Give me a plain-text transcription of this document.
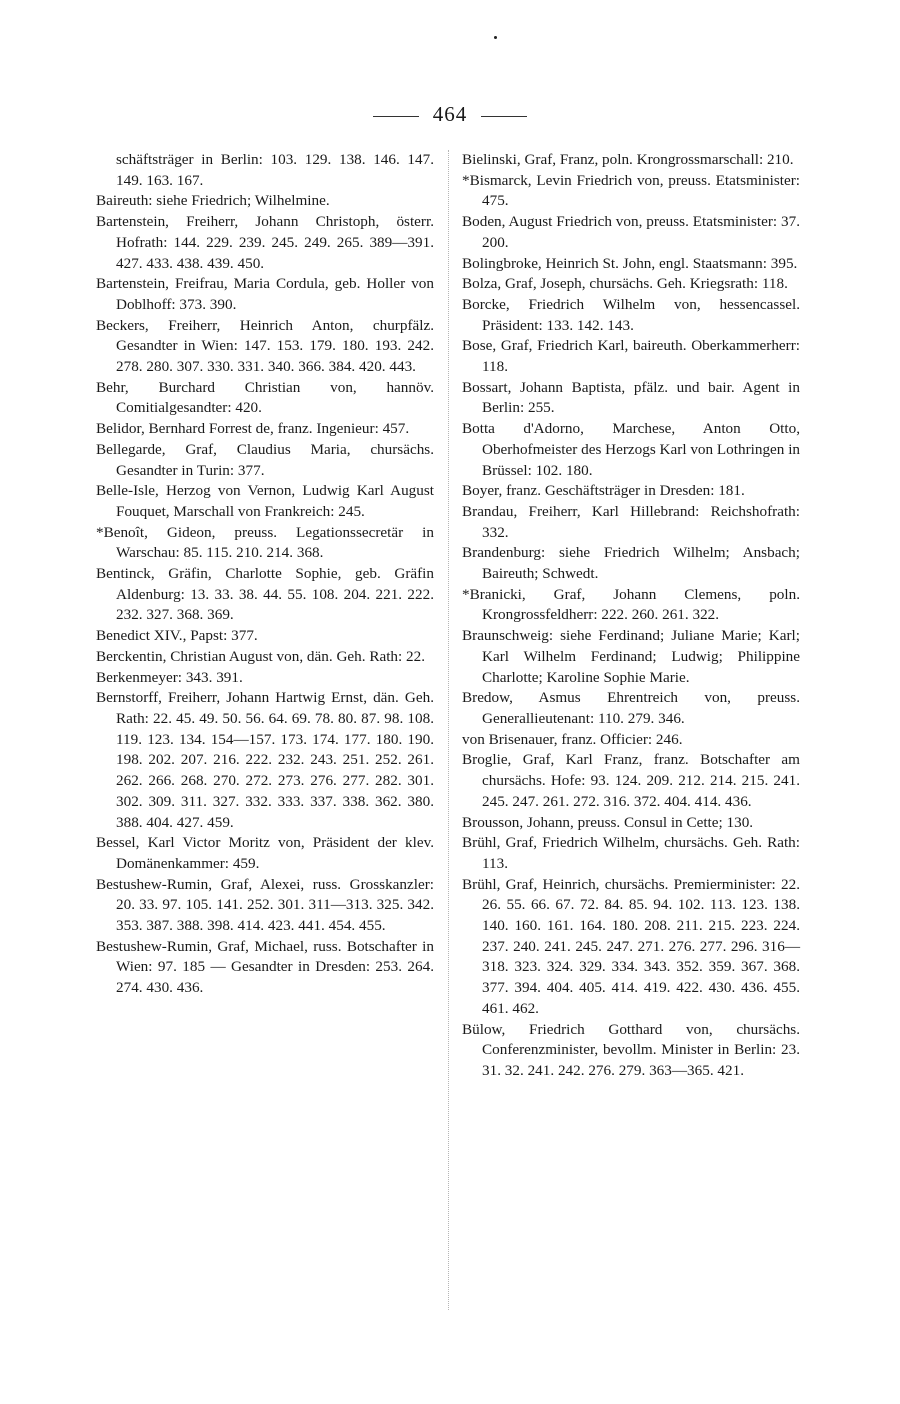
464

schäftsträger in Berlin: 103. 129. 138. 146. 147. 149. 163. 167.

Baireuth: siehe Friedrich; Wilhelmine.

Bartenstein, Freiherr, Johann Christoph, österr. Hofrath: 144. 229. 239. 245. 249. 265. 389—391. 427. 433. 438. 439. 450.

Bartenstein, Freifrau, Maria Cordula, geb. Holler von Doblhoff: 373. 390.

Beckers, Freiherr, Heinrich Anton, churpfälz. Gesandter in Wien: 147. 153. 179. 180. 193. 242. 278. 280. 307. 330. 331. 340. 366. 384. 420. 443.

Behr, Burchard Christian von, hannöv. Comitialgesandter: 420.

Belidor, Bernhard Forrest de, franz. Ingenieur: 457.

Bellegarde, Graf, Claudius Maria, chursächs. Gesandter in Turin: 377.

Belle-Isle, Herzog von Vernon, Ludwig Karl August Fouquet, Marschall von Frankreich: 245.

*Benoît, Gideon, preuss. Legationssecretär in Warschau: 85. 115. 210. 214. 368.

Bentinck, Gräfin, Charlotte Sophie, geb. Gräfin Aldenburg: 13. 33. 38. 44. 55. 108. 204. 221. 222. 232. 327. 368. 369.

Benedict XIV., Papst: 377.

Berckentin, Christian August von, dän. Geh. Rath: 22.

Berkenmeyer: 343. 391.

Bernstorff, Freiherr, Johann Hartwig Ernst, dän. Geh. Rath: 22. 45. 49. 50. 56. 64. 69. 78. 80. 87. 98. 108. 119. 123. 134. 154—157. 173. 174. 177. 180. 190. 198. 202. 207. 216. 222. 232. 243. 251. 252. 261. 262. 266. 268. 270. 272. 273. 276. 277. 282. 301. 302. 309. 311. 327. 332. 333. 337. 338. 362. 380. 388. 404. 427. 459.

Bessel, Karl Victor Moritz von, Präsident der klev. Domänenkammer: 459.

Bestushew-Rumin, Graf, Alexei, russ. Grosskanzler: 20. 33. 97. 105. 141. 252. 301. 311—313. 325. 342. 353. 387. 388. 398. 414. 423. 441. 454. 455.

Bestushew-Rumin, Graf, Michael, russ. Botschafter in Wien: 97. 185 — Gesandter in Dresden: 253. 264. 274. 430. 436.

Bielinski, Graf, Franz, poln. Krongrossmarschall: 210.

*Bismarck, Levin Friedrich von, preuss. Etatsminister: 475.

Boden, August Friedrich von, preuss. Etatsminister: 37. 200.

Bolingbroke, Heinrich St. John, engl. Staatsmann: 395.

Bolza, Graf, Joseph, chursächs. Geh. Kriegsrath: 118.

Borcke, Friedrich Wilhelm von, hessencassel. Präsident: 133. 142. 143.

Bose, Graf, Friedrich Karl, baireuth. Oberkammerherr: 118.

Bossart, Johann Baptista, pfälz. und bair. Agent in Berlin: 255.

Botta d'Adorno, Marchese, Anton Otto, Oberhofmeister des Herzogs Karl von Lothringen in Brüssel: 102. 180.

Boyer, franz. Geschäftsträger in Dresden: 181.

Brandau, Freiherr, Karl Hillebrand: Reichshofrath: 332.

Brandenburg: siehe Friedrich Wilhelm; Ansbach; Baireuth; Schwedt.

*Branicki, Graf, Johann Clemens, poln. Krongrossfeldherr: 222. 260. 261. 322.

Braunschweig: siehe Ferdinand; Juliane Marie; Karl; Karl Wilhelm Ferdinand; Ludwig; Philippine Charlotte; Karoline Sophie Marie.

Bredow, Asmus Ehrentreich von, preuss. Generallieutenant: 110. 279. 346.

von Brisenauer, franz. Officier: 246.

Broglie, Graf, Karl Franz, franz. Botschafter am chursächs. Hofe: 93. 124. 209. 212. 214. 215. 241. 245. 247. 261. 272. 316. 372. 404. 414. 436.

Brousson, Johann, preuss. Consul in Cette; 130.

Brühl, Graf, Friedrich Wilhelm, chursächs. Geh. Rath: 113.

Brühl, Graf, Heinrich, chursächs. Premierminister: 22. 26. 55. 66. 67. 72. 84. 85. 94. 102. 113. 123. 138. 140. 160. 161. 164. 180. 208. 211. 215. 223. 224. 237. 240. 241. 245. 247. 271. 276. 277. 296. 316—318. 323. 324. 329. 334. 343. 352. 359. 367. 368. 377. 394. 404. 405. 414. 419. 422. 430. 436. 455. 461. 462.

Bülow, Friedrich Gotthard von, chursächs. Conferenzminister, bevollm. Minister in Berlin: 23. 31. 32. 241. 242. 276. 279. 363—365. 421.
